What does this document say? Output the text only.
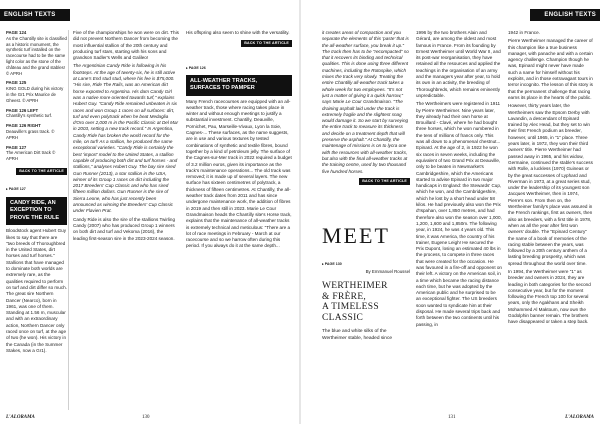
ENGLISH TEXTS
PAGE 124
As the Chantilly site is classified as a historic monument, the synthetic turf installed on the racecourse had to be the same light color as the stone of the château and the grand stables! © APRH
PAGE 125
KING GOLD during his victory in the Gr1 Prix Maurice de Gheest. © APRH
PAGE 126 LEFT
Chantilly's synthetic turf.
PAGE 126 RIGHT
Deauville's grass track. © APRH
PAGE 127
The American Dirt track © APRH
BACK TO THE ARTICLE
▸ PAGE 127
CANDY RIDE, AN EXCEPTION TO PROVE THE RULE

Bloodstock agent Hubert Guy likes to say that there are "two breeds of Thoroughbred in the United States, dirt horses and turf horses." Stallions that have managed to dominate both worlds are extremely rare, as the qualities required to perform on turf and dirt differ so much. The great sire Northern Dancer (Nearco), born in 1961, was one of them. Standing at 1.56 m, muscular and with an extraordinary action, Northern Dancer only raced once on turf, at the age of two (he won). His victory in the Canada (in the Summer Stakes, now a Gr1).

Five of the championships he won were on dirt. This did not prevent Northern Dancer from becoming the most influential stallion of the 20th century and producing turf stars, starting with his sons and grandson Sadler's Wells and Galileo!

The Argentinian Candy Ride is following in his footsteps. At the age of twenty-six, he is still active at Lane's End stud stud, where his fee is $75,000. "His sire, Ride The Rails, was an American dirt horse exported to Argentina. His dam Candy Girl was a native more oriented towards turf," explains Hubert Guy. "Candy Ride remained unbeaten in six races and won Group 1 races on all surfaces: dirt, turf and even polytrack when he beat Medaglia d'Oro over 2,000 m in the Pacific Classic at Del Mar in 2003, setting a new track record." In Argentina, Candy Ride has broken the world record for the mile, on turf! As a stallion, he produced the same exceptional varieties. "Candy Ride is certainly the best 'import' model to the United States, a stallion capable of producing both dirt and turf horses - and stallions," analyses Hubert Guy. The bay sire sired Gun Runner (2013), a star stallion in the USA, winner of its Group 1 races on dirt including the 2017 Breeders' Cup Classic and who has sired fifteen million dollars. Gun Runner is the sire of Sierra Leone, who has just recently been announced as winning the Breeders' Cup Classic under Flavien Prat.

Candy Ride is also the sire of the stallions Twirling Candy (2007) who has produced Group 1 winners on both dirt and turf and Vekoma (2016), the leading first-season sire in the 2023-2024 season.

His offspring also seem to shine with the versatility.

BACK TO THE ARTICLE
▸ PAGE 126
ALL-WEATHER TRACKS, SURFACES TO PAMPER

Many French racecourses are equipped with an all-weather track, those where racing takes place in winter and without enough meetings to justify a substantial investment. Chantilly, Deauville, Pornichet, Pau, Marseille-Vivaux, Lyon la Soie, Cagnes-... These surfaces, as the name suggests, are in use and various textures by tested combinations of synthetic and textile fibres, bound together by a kind of petroleum jelly. The surface of the Cagnes-sur-Mer track in 2022 required a budget of 3.2 million euros, given its importance as the track's maintenance operations... The old track was removed; it is made up of several layers. The new surface has sixteen centimetres of polytrack, a thickness of fifteen centimetres. At Chantilly, the all-weather track dates from 2011 and has since undergone maintenance work, the addition of fibres in 2019 and then still in 2023. Marie Le Cour Grandmaison heads the Chantilly site's Horse track, explains that the maintenance of all-weather tracks is extremely technical and meticulous: "There are a lot of race meetings in February - March at our racecourse and so we harrow often during this period. If you always do it at the same depth...

L'ALORAMA	130
ENGLISH TEXTS

it creates areas of compaction and you separate the elements of this 'paste' that is the all-weather surface, you break it up." The track then has to be "recompacted" so that it recovers its binding and technical qualities. This is done using three different machines, including the Rotospike, which mixes the track very slowly. Treating the entire Chantilly all-weather track takes a whole week for two employees. "It's not just a matter of giving it a quick harrow," says Marie Le Cour Grandmaison. "The draining asphalt laid under the track is extremely fragile and the slightest snag would damage it. So we start by surveying the entire track to measure its thickness and decide on a treatment depth that will preserve the asphalt." At Chantilly, the maintenage of missions is on to lycra one with the resources with all-weather tracks, but also with the final all-weather tracks at the training centre, used by two thousand five hundred horses.

BACK TO THE ARTICLE
MEET
▸ PAGE 130
By Emmanuel Roussel
WERTHEIMER
& FRÈRE,
A TIMELESS CLASSIC

The blue and white silks of the Wertheimer stable, headed since

1996 by the two brothers Alain and Gérard, are among the oldest and most famous in France. From its founding by Ernest Wertheimer until World War II, and its post-war reorganisation, they have retained all the resources and applied the teachings in the organisation of an army and the managers year after year, to hold its own in an activity, the breeding of Thoroughbreds, which remains eminently unpredictable.

The Wertheimers were registered in 1911 by Pierre Wertheimer. Nine years later, they already had their own horse at Brouillard - Clavé, where he had bought three horses, which he won numbered in the tens of millions of francs only. This was all down to a phenomenal chestnut... Epinard. At the age of 2, in 1922 he won six races in seven weeks, including the equivalent of two Grand Prix at Deauville, only to be beaten in Newmarket's Cambridgeshire, which the Americans started to advise Epinard in two major handicaps in England: the Stewards' Cup, which he won, and the Cambridgeshire, which he lost by a short head under 58 kilos. He had previously also won the Prix d'Ispahan, over 1,850 metres, and had therefore also won the season over 1,000, 1,200, 1,600 and 1,850m. The following year, in 1924, he was 4 years old. This time, it was America, the country of his trainer, Eugene Leigh! He secured the Prix Dupont, losing an estimated 40 lbs in the process, to compete in three races that were created for the occasion. He was favoured in a fire-off and opponent on their left. A victory on the American soil, in a time which became the racing distance each time, but he was adopted by the American public and he surprised to be an exceptional fighter. The US breeders soon wanted to syndicate him at their disposal. He made several trips back and forth between the two continents until his passing, in

1942 in France.

Pierre Wertheimer managed the career of this champion like a true business manager, with panache and with a certain agency challenge. Champion though he was, Epinard might never have made such a name for himself without his exploits, and in those extravagant tours in terror incognito. The lesson of this story is that the permanent challenge that racing earns its place in the hearts of the public.

However, thirty years later, the Wertheimers saw the Epsom Derby with Lavandin, a descendant of Epinard trained by Alec Head, but they set to win their first French podium as breeder, however, until 1965, in "1" place. Three years later, in 1972, they won their third owners' title. Pierre Wertheimer had passed away in 1965, and his widow, Germaine, continued the stable's success with Rolle, a luckless (1970) Guineas or by the great successes of Lyphard and Riverman in 1973, at a great series stud, under the leadership of its youngest son Jacques Wertheimer, then in 1974, Pierre's son. From then on, the Wertheimer family's place was assured in the French rankings, first as owners, then also as breeders, with a first title in 1978, when as all the year after first won owners' double. The "Epinard Century" the name of a book of memories of the racing stable between the years, was followed by a 20th century anthem of a lasting breeding prosperity, which was spread throughout the world over time.

In 1994, the Wertheimer were "1" as breeder and owners in 2024, they are leading in both categories for the second consecutive year, but for the moment following the French top 100 for several years, only the Agakhans and Sheikh Mohammed Al Maktoum, now own the Godolphin banner remain. The brothers have disappeared or taken a step back.

131	L'ALORAMA
